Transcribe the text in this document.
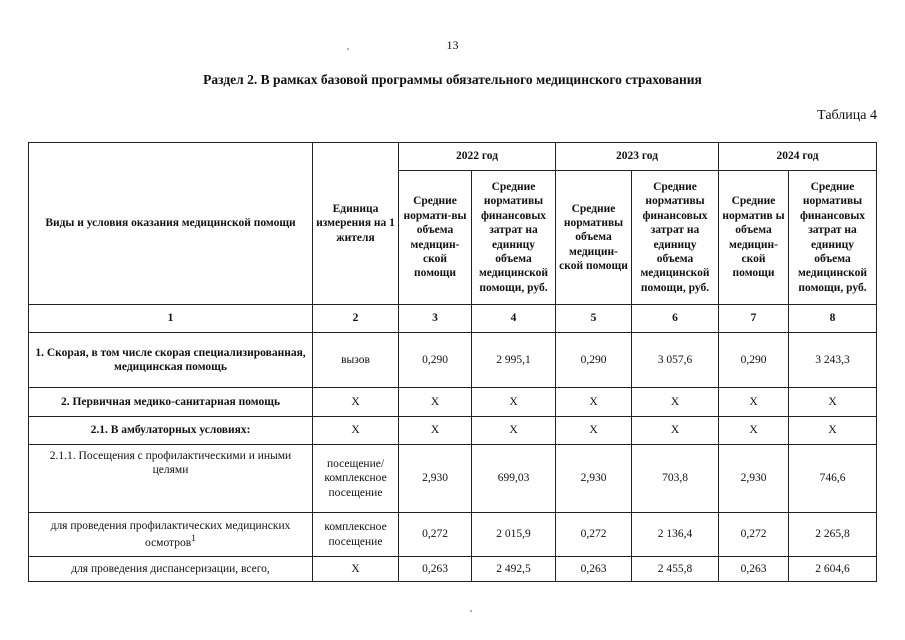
13
Раздел 2. В рамках базовой программы обязательного медицинского страхования
Таблица 4
Виды и условия оказания медицинской помощи	Единица измерения на 1 жителя	2022 год		2023 год		2024 год	
		Средние нормати-вы объема медицин-ской помощи	Средние нормативы финансовых затрат на единицу объема медицинской помощи, руб.	Средние нормативы объема медицин-ской помощи	Средние нормативы финансовых затрат на единицу объема медицинской помощи, руб.	Средние норматив ы объема медицин-ской помощи	Средние нормативы финансовых затрат на единицу объема медицинской помощи, руб.
1	2	3	4	5	6	7	8
1. Скорая, в том числе скорая специализированная, медицинская помощь	вызов	0,290	2 995,1	0,290	3 057,6	0,290	3 243,3
2. Первичная медико-санитарная помощь	Х	Х	Х	Х	Х	Х	Х
2.1. В амбулаторных условиях:	Х	Х	Х	Х	Х	Х	Х
2.1.1. Посещения с профилактическими и иными целями	посещение/ комплексное посещение	2,930	699,03	2,930	703,8	2,930	746,6
для проведения профилактических медицинских осмотров$^1$	комплексное посещение	0,272	2 015,9	0,272	2 136,4	0,272	2 265,8
для проведения диспансеризации, всего,	Х	0,263	2 492,5	0,263	2 455,8	0,263	2 604,6
